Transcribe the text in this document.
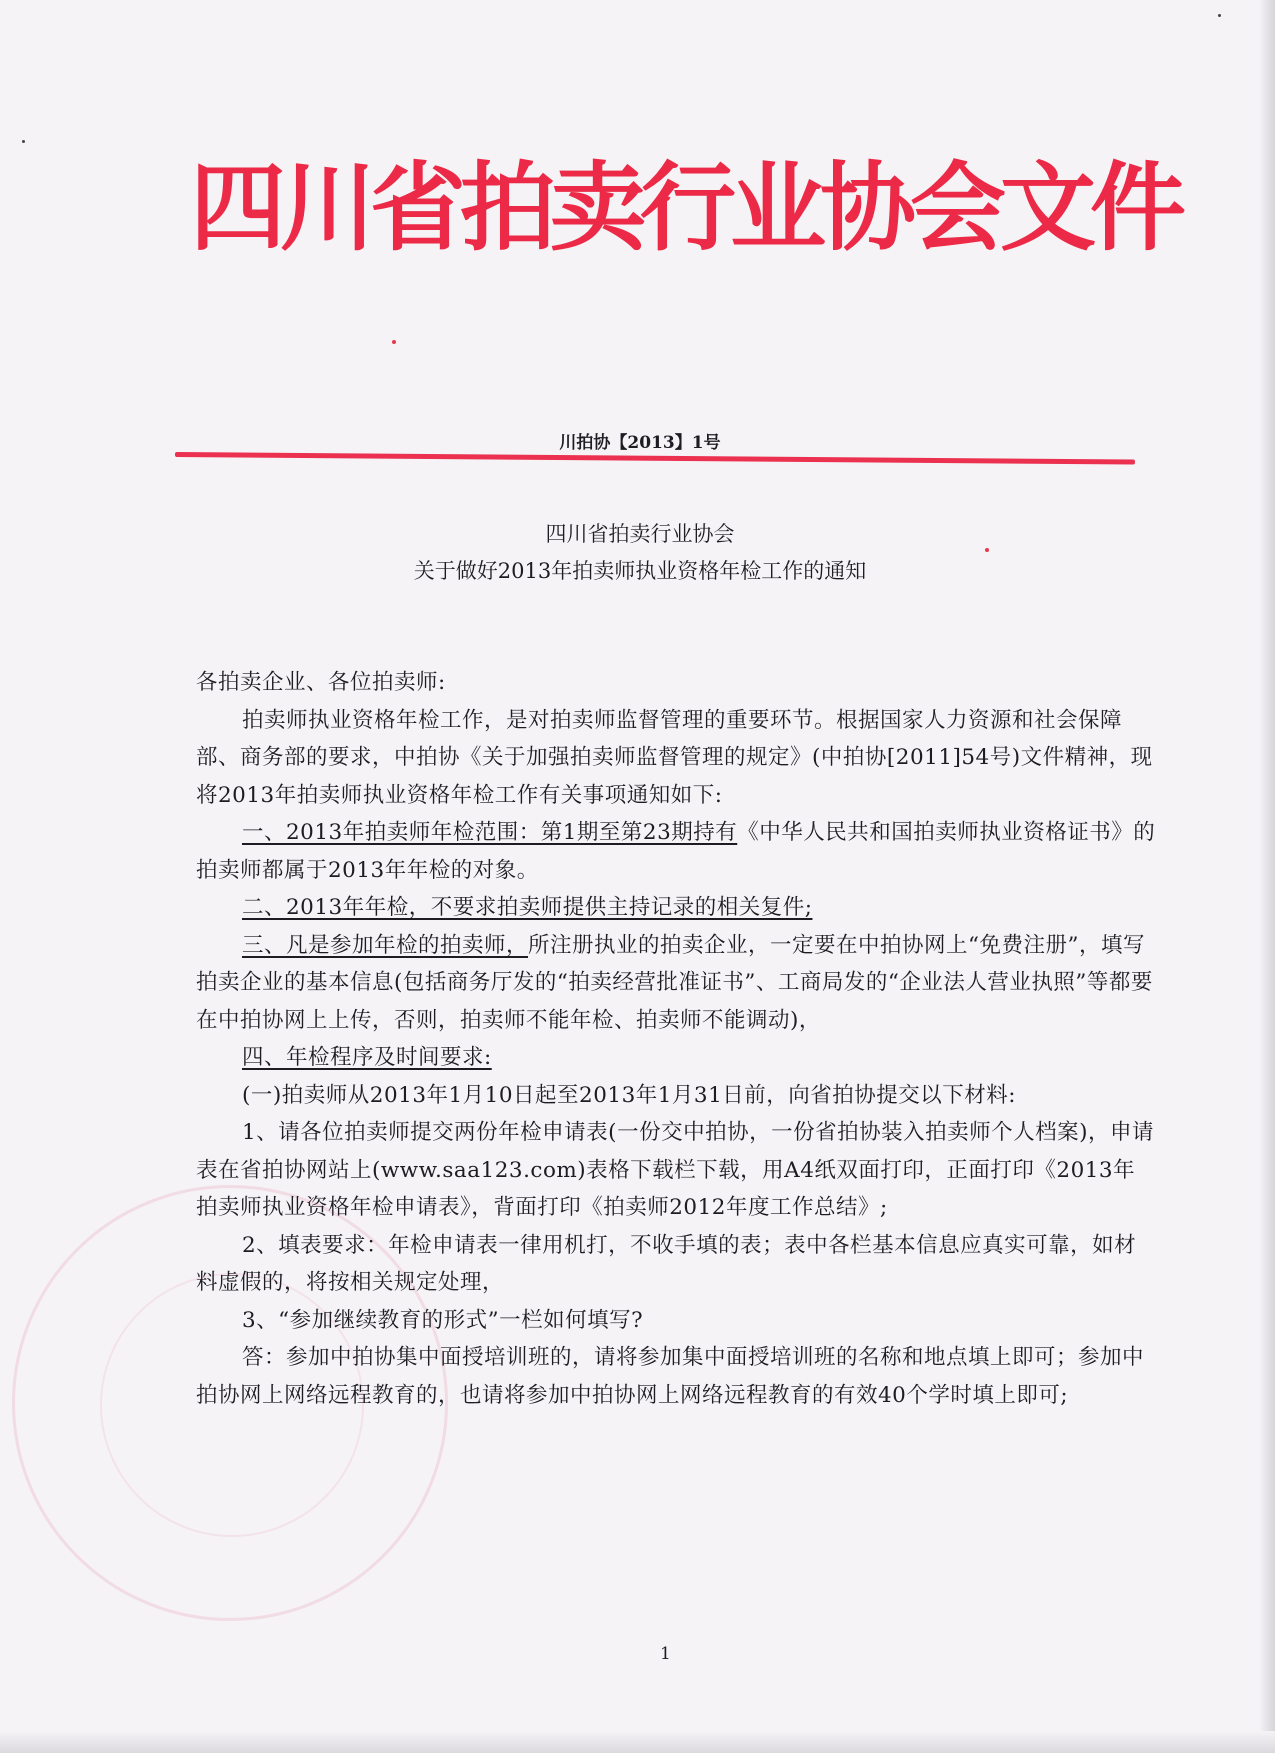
四川省拍卖行业协会文件
川拍协【2013】1号
四川省拍卖行业协会
关于做好2013年拍卖师执业资格年检工作的通知

各拍卖企业、各位拍卖师:

拍卖师执业资格年检工作，是对拍卖师监督管理的重要环节。根据国家人力资源和社会保障部、商务部的要求，中拍协《关于加强拍卖师监督管理的规定》(中拍协[2011]54号)文件精神，现将2013年拍卖师执业资格年检工作有关事项通知如下:

一、2013年拍卖师年检范围：第1期至第23期持有《中华人民共和国拍卖师执业资格证书》的拍卖师都属于2013年年检的对象。

二、2013年年检，不要求拍卖师提供主持记录的相关复件;

三、凡是参加年检的拍卖师，所注册执业的拍卖企业，一定要在中拍协网上“免费注册”，填写拍卖企业的基本信息(包括商务厅发的“拍卖经营批准证书”、工商局发的“企业法人营业执照”等都要在中拍协网上上传，否则，拍卖师不能年检、拍卖师不能调动)，

四、年检程序及时间要求:

(一)拍卖师从2013年1月10日起至2013年1月31日前，向省拍协提交以下材料:

1、请各位拍卖师提交两份年检申请表(一份交中拍协，一份省拍协装入拍卖师个人档案)，申请表在省拍协网站上(www.saa123.com)表格下载栏下载，用A4纸双面打印，正面打印《2013年拍卖师执业资格年检申请表》，背面打印《拍卖师2012年度工作总结》;

2、填表要求：年检申请表一律用机打，不收手填的表；表中各栏基本信息应真实可靠，如材料虚假的，将按相关规定处理，

3、“参加继续教育的形式”一栏如何填写?

答：参加中拍协集中面授培训班的，请将参加集中面授培训班的名称和地点填上即可；参加中拍协网上网络远程教育的，也请将参加中拍协网上网络远程教育的有效40个学时填上即可;

1
